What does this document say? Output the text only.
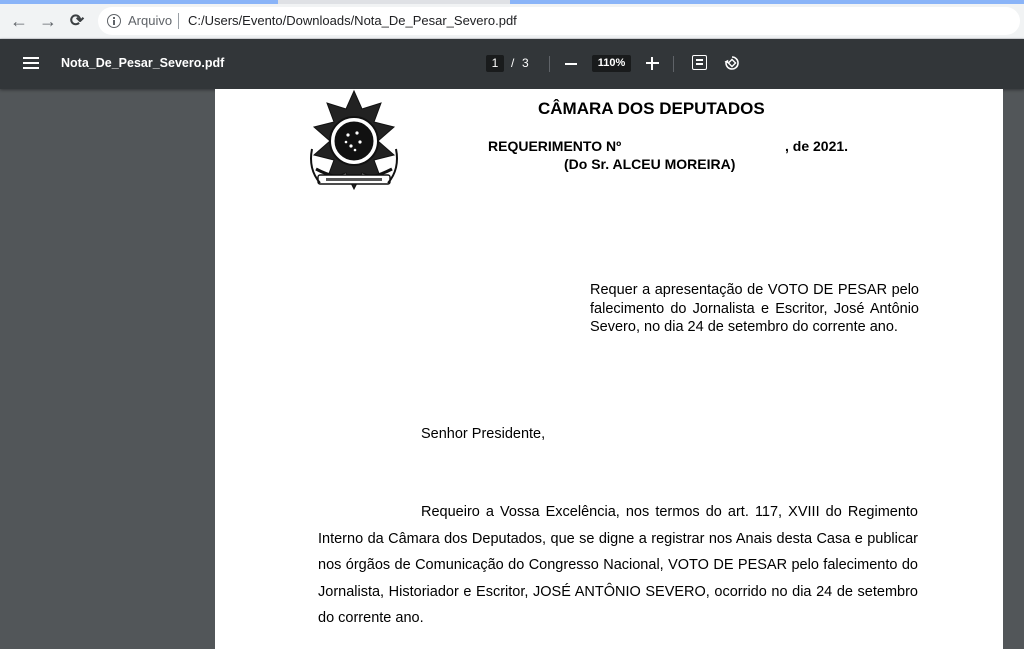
← → ⟳	Arquivo C:/Users/Evento/Downloads/Nota_De_Pesar_Severo.pdf
Nota_De_Pesar_Severo.pdf	1	/ 3	110%
CÂMARA DOS DEPUTADOS
REQUERIMENTO Nº	, de 2021.
(Do Sr. ALCEU MOREIRA)
Requer a apresentação de VOTO DE PESAR pelo falecimento do Jornalista e Escritor, José Antônio Severo, no dia 24 de setembro do corrente ano.
Senhor Presidente,
Requeiro a Vossa Excelência, nos termos do art. 117, XVIII do Regimento Interno da Câmara dos Deputados, que se digne a registrar nos Anais desta Casa e publicar nos órgãos de Comunicação do Congresso Nacional, VOTO DE PESAR pelo falecimento do Jornalista, Historiador e Escritor, JOSÉ ANTÔNIO SEVERO, ocorrido no dia 24 de setembro do corrente ano.
